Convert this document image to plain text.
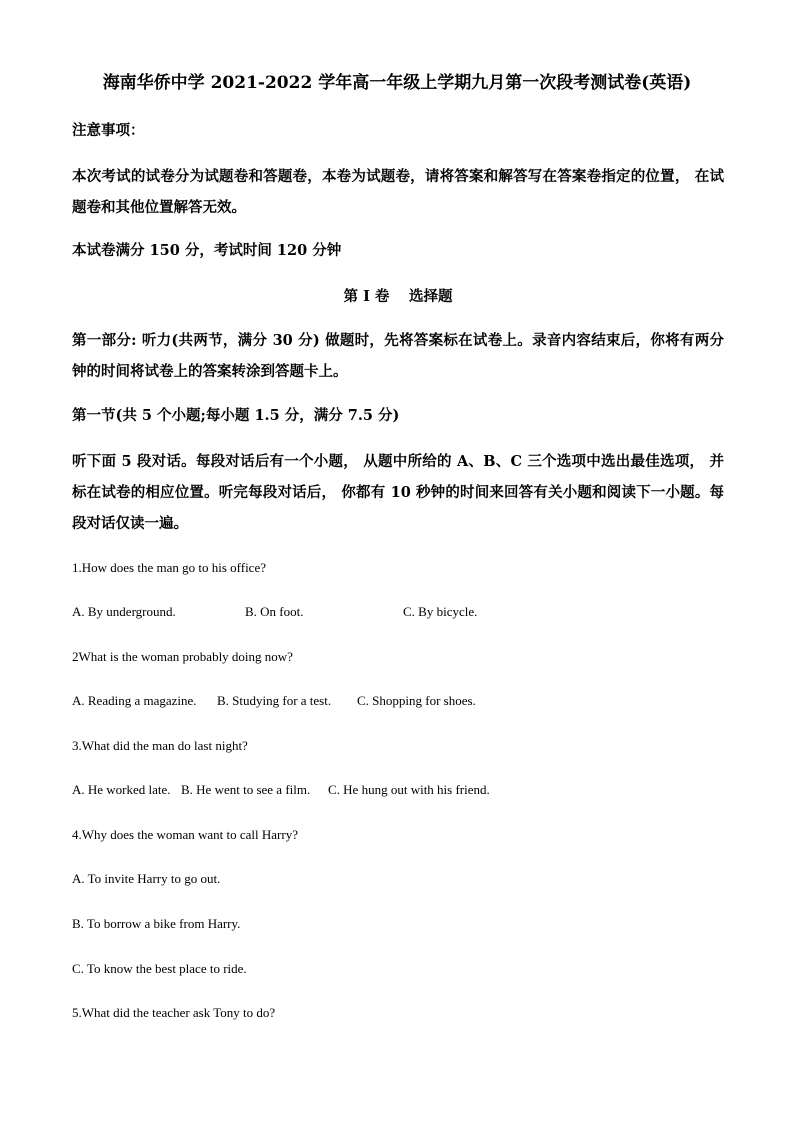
海南华侨中学 2021-2022 学年高一年级上学期九月第一次段考测试卷(英语)
注意事项：
本次考试的试卷分为试题卷和答题卷，本卷为试题卷，请将答案和解答写在答案卷指定的位置， 在试题卷和其他位置解答无效。
本试卷满分 150 分，考试时间 120 分钟
第 I 卷　 选择题
第一部分: 听力(共两节，满分 30 分) 做题时，先将答案标在试卷上。录音内容结束后，你将有两分钟的时间将试卷上的答案转涂到答题卡上。
第一节(共 5 个小题;每小题 1.5 分，满分 7.5 分)
听下面 5 段对话。每段对话后有一个小题， 从题中所给的 A、B、C 三个选项中选出最佳选项， 并标在试卷的相应位置。听完每段对话后， 你都有 10 秒钟的时间来回答有关小题和阅读下一小题。每段对话仅读一遍。
1.How does the man go to his office?
A. By underground.	B. On foot.	C. By bicycle.
2What is the woman probably doing now?
A. Reading a magazine. B. Studying for a test. C. Shopping for shoes.
3.What did the man do last night?
A. He worked late. B. He went to see a film. C. He hung out with his friend.
4.Why does the woman want to call Harry?
A. To invite Harry to go out.
B. To borrow a bike from Harry.
C. To know the best place to ride.
5.What did the teacher ask Tony to do?
